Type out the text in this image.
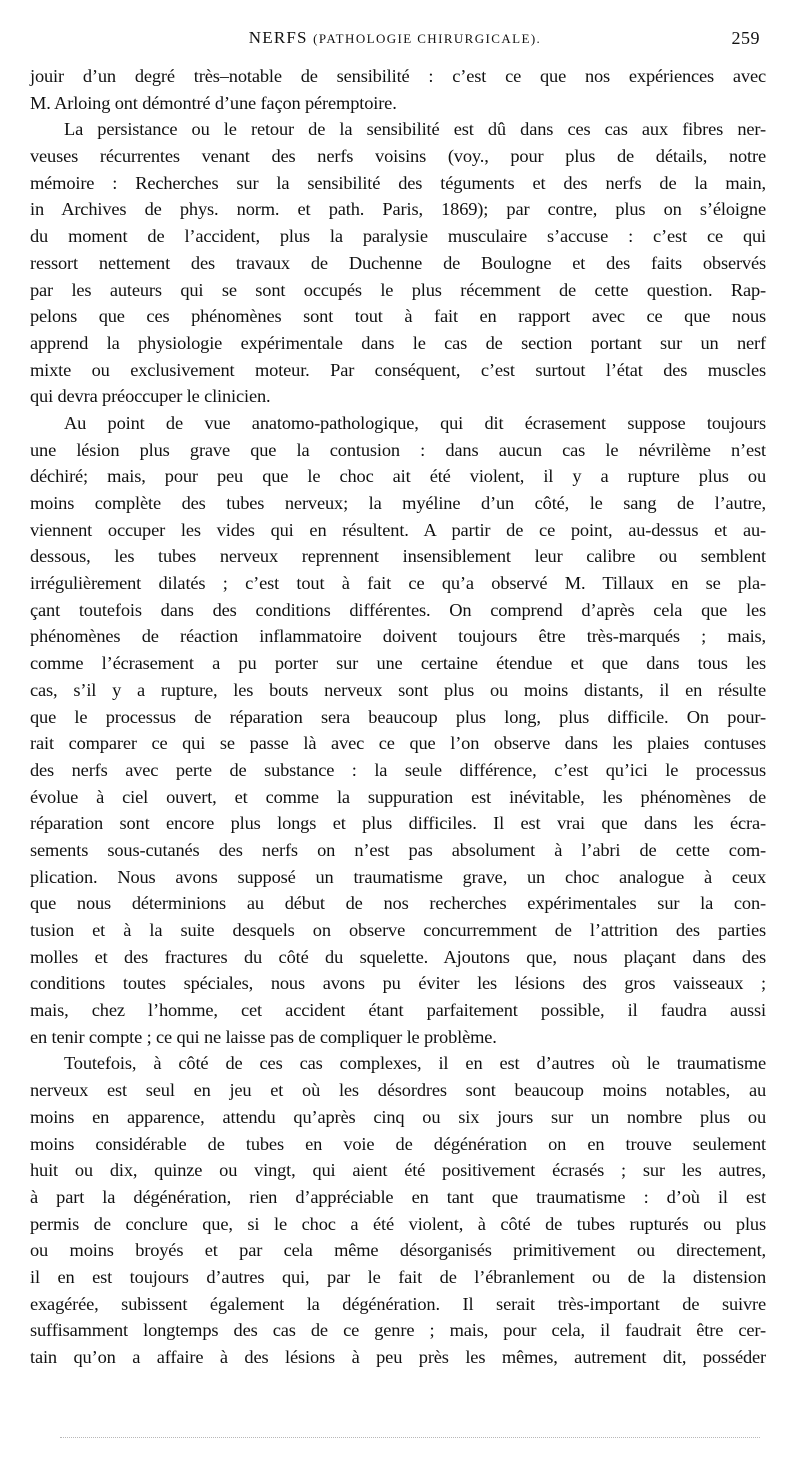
NERFS (PATHOLOGIE CHIRURGICALE).	259
jouir d’un degré très–notable de sensibilité : c’est ce que nos expériences avec
M. Arloing ont démontré d’une façon péremptoire.
La persistance ou le retour de la sensibilité est dû dans ces cas aux fibres ner-
veuses récurrentes venant des nerfs voisins (voy., pour plus de détails, notre
mémoire : Recherches sur la sensibilité des téguments et des nerfs de la main,
in Archives de phys. norm. et path. Paris, 1869); par contre, plus on s’éloigne
du moment de l’accident, plus la paralysie musculaire s’accuse : c’est ce qui
ressort nettement des travaux de Duchenne de Boulogne et des faits observés
par les auteurs qui se sont occupés le plus récemment de cette question. Rap-
pelons que ces phénomènes sont tout à fait en rapport avec ce que nous
apprend la physiologie expérimentale dans le cas de section portant sur un nerf
mixte ou exclusivement moteur. Par conséquent, c’est surtout l’état des muscles
qui devra préoccuper le clinicien.
Au point de vue anatomo-pathologique, qui dit écrasement suppose toujours
une lésion plus grave que la contusion : dans aucun cas le névrilème n’est
déchiré; mais, pour peu que le choc ait été violent, il y a rupture plus ou
moins complète des tubes nerveux; la myéline d’un côté, le sang de l’autre,
viennent occuper les vides qui en résultent. A partir de ce point, au-dessus et au-
dessous, les tubes nerveux reprennent insensiblement leur calibre ou semblent
irrégulièrement dilatés ; c’est tout à fait ce qu’a observé M. Tillaux en se pla-
çant toutefois dans des conditions différentes. On comprend d’après cela que les
phénomènes de réaction inflammatoire doivent toujours être très-marqués ; mais,
comme l’écrasement a pu porter sur une certaine étendue et que dans tous les
cas, s’il y a rupture, les bouts nerveux sont plus ou moins distants, il en résulte
que le processus de réparation sera beaucoup plus long, plus difficile. On pour-
rait comparer ce qui se passe là avec ce que l’on observe dans les plaies contuses
des nerfs avec perte de substance : la seule différence, c’est qu’ici le processus
évolue à ciel ouvert, et comme la suppuration est inévitable, les phénomènes de
réparation sont encore plus longs et plus difficiles. Il est vrai que dans les écra-
sements sous-cutanés des nerfs on n’est pas absolument à l’abri de cette com-
plication. Nous avons supposé un traumatisme grave, un choc analogue à ceux
que nous déterminions au début de nos recherches expérimentales sur la con-
tusion et à la suite desquels on observe concurremment de l’attrition des parties
molles et des fractures du côté du squelette. Ajoutons que, nous plaçant dans des
conditions toutes spéciales, nous avons pu éviter les lésions des gros vaisseaux ;
mais, chez l’homme, cet accident étant parfaitement possible, il faudra aussi
en tenir compte ; ce qui ne laisse pas de compliquer le problème.
Toutefois, à côté de ces cas complexes, il en est d’autres où le traumatisme
nerveux est seul en jeu et où les désordres sont beaucoup moins notables, au
moins en apparence, attendu qu’après cinq ou six jours sur un nombre plus ou
moins considérable de tubes en voie de dégénération on en trouve seulement
huit ou dix, quinze ou vingt, qui aient été positivement écrasés ; sur les autres,
à part la dégénération, rien d’appréciable en tant que traumatisme : d’où il est
permis de conclure que, si le choc a été violent, à côté de tubes rupturés ou plus
ou moins broyés et par cela même désorganisés primitivement ou directement,
il en est toujours d’autres qui, par le fait de l’ébranlement ou de la distension
exagérée, subissent également la dégénération. Il serait très-important de suivre
suffisamment longtemps des cas de ce genre ; mais, pour cela, il faudrait être cer-
tain qu’on a affaire à des lésions à peu près les mêmes, autrement dit, posséder
